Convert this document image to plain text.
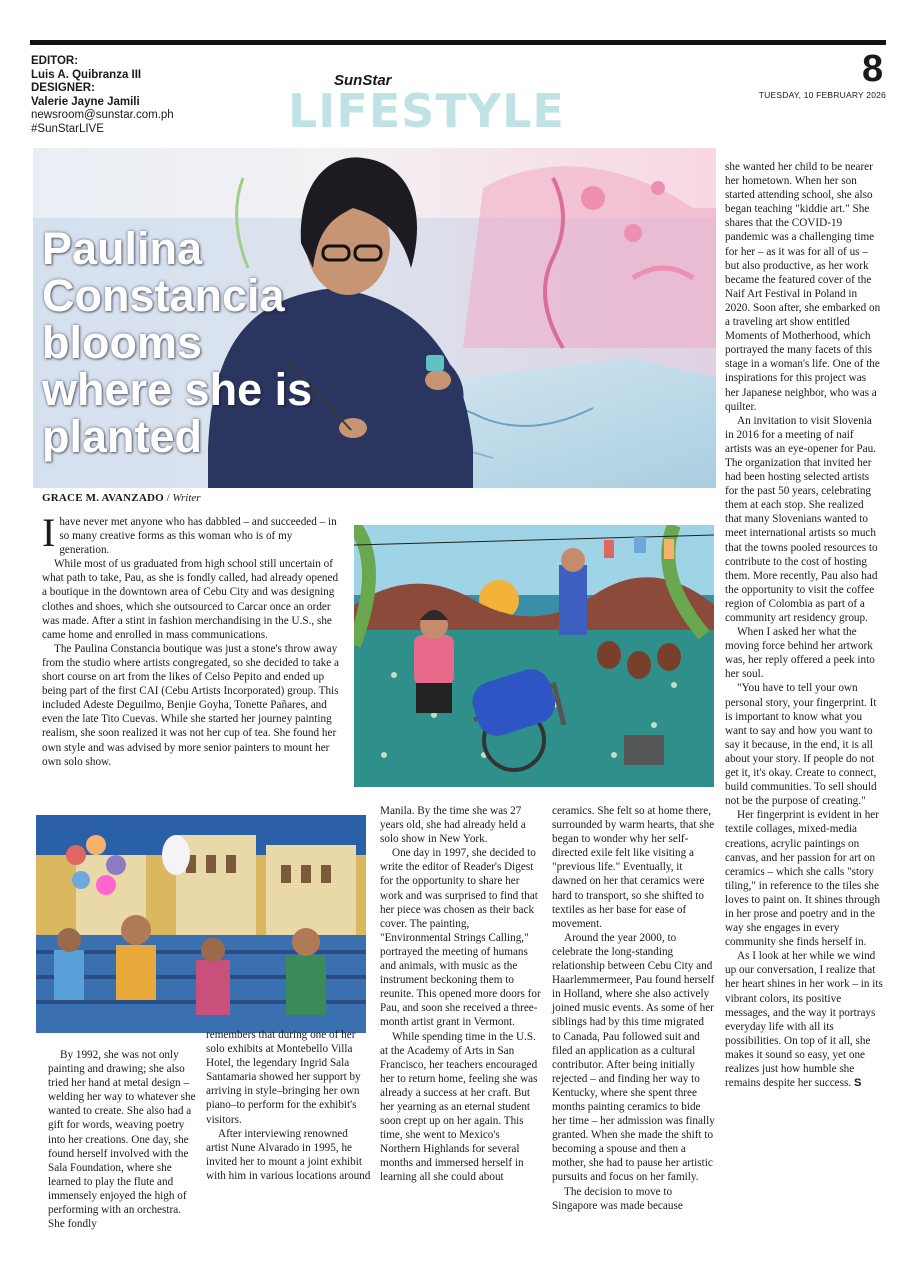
EDITOR:
Luis A. Quibranza III
DESIGNER:
Valerie Jayne Jamili
newsroom@sunstar.com.ph
#SunStarLIVE
SunStar
LIFESTYLE
8
TUESDAY, 10 FEBRUARY 2026
Paulina Constancia blooms where she is planted
GRACE M. AVANZADO / Writer

Ihave never met anyone who has dabbled – and succeeded – in so many creative forms as this woman who is of my generation.

While most of us graduated from high school still uncertain of what path to take, Pau, as she is fondly called, had already opened a boutique in the downtown area of Cebu City and was designing clothes and shoes, which she outsourced to Carcar once an order was made. After a stint in fashion merchandising in the U.S., she came home and enrolled in mass communications.

The Paulina Constancia boutique was just a stone's throw away from the studio where artists congregated, so she decided to take a short course on art from the likes of Celso Pepito and ended up being part of the first CAI (Cebu Artists Incorporated) group. This included Adeste Deguilmo, Benjie Goyha, Tonette Pañares, and even the late Tito Cuevas. While she started her journey painting realism, she soon realized it was not her cup of tea. She found her own style and was advised by more senior painters to mount her own solo show.

By 1992, she was not only painting and drawing; she also tried her hand at metal design – welding her way to whatever she wanted to create. She also had a gift for words, weaving poetry into her creations. One day, she found herself involved with the Sala Foundation, where she learned to play the flute and immensely enjoyed the high of performing with an orchestra. She fondly

remembers that during one of her solo exhibits at Montebello Villa Hotel, the legendary Ingrid Sala Santamaria showed her support by arriving in style–bringing her own piano–to perform for the exhibit's visitors.

After interviewing renowned artist Nune Alvarado in 1995, he invited her to mount a joint exhibit with him in various locations around

Manila. By the time she was 27 years old, she had already held a solo show in New York.

One day in 1997, she decided to write the editor of Reader's Digest for the opportunity to share her work and was surprised to find that her piece was chosen as their back cover. The painting, "Environmental Strings Calling," portrayed the meeting of humans and animals, with music as the instrument beckoning them to reunite. This opened more doors for Pau, and soon she received a three-month artist grant in Vermont.

While spending time in the U.S. at the Academy of Arts in San Francisco, her teachers encouraged her to return home, feeling she was already a success at her craft. But her yearning as an eternal student soon crept up on her again. This time, she went to Mexico's Northern Highlands for several months and immersed herself in learning all she could about

ceramics. She felt so at home there, surrounded by warm hearts, that she began to wonder why her self-directed exile felt like visiting a "previous life." Eventually, it dawned on her that ceramics were hard to transport, so she shifted to textiles as her base for ease of movement.

Around the year 2000, to celebrate the long-standing relationship between Cebu City and Haarlemmermeer, Pau found herself in Holland, where she also actively joined music events. As some of her siblings had by this time migrated to Canada, Pau followed suit and filed an application as a cultural contributor. After being initially rejected – and finding her way to Kentucky, where she spent three months painting ceramics to bide her time – her admission was finally granted. When she made the shift to becoming a spouse and then a mother, she had to pause her artistic pursuits and focus on her family.

The decision to move to Singapore was made because

she wanted her child to be nearer her hometown. When her son started attending school, she also began teaching "kiddie art." She shares that the COVID-19 pandemic was a challenging time for her – as it was for all of us – but also productive, as her work became the featured cover of the Naif Art Festival in Poland in 2020. Soon after, she embarked on a traveling art show entitled Moments of Motherhood, which portrayed the many facets of this stage in a woman's life. One of the inspirations for this project was her Japanese neighbor, who was a quilter.

An invitation to visit Slovenia in 2016 for a meeting of naif artists was an eye-opener for Pau. The organization that invited her had been hosting selected artists for the past 50 years, celebrating them at each stop. She realized that many Slovenians wanted to meet international artists so much that the towns pooled resources to contribute to the cost of hosting them. More recently, Pau also had the opportunity to visit the coffee region of Colombia as part of a community art residency group.

When I asked her what the moving force behind her artwork was, her reply offered a peek into her soul.

"You have to tell your own personal story, your fingerprint. It is important to know what you want to say and how you want to say it because, in the end, it is all about your story. If people do not get it, it's okay. Create to connect, build communities. To sell should not be the purpose of creating."

Her fingerprint is evident in her textile collages, mixed-media creations, acrylic paintings on canvas, and her passion for art on ceramics – which she calls "story tiling," in reference to the tiles she loves to paint on. It shines through in her prose and poetry and in the way she engages in every community she finds herself in.

As I look at her while we wind up our conversation, I realize that her heart shines in her work – in its vibrant colors, its positive messages, and the way it portrays everyday life with all its possibilities. On top of it all, she makes it sound so easy, yet one realizes just how humble she remains despite her success. S
